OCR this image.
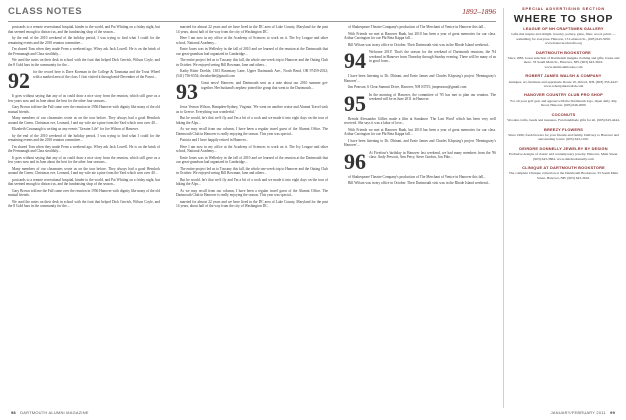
CLASS NOTES	1892–1896

postcards to a remote recreational hospital, kinder to the world, and Pat Whiting on a friday night, but that seemed enough to distract us, and the fundraising shop of the season...

by the end of the 2010 weekend of the holiday period, I was trying to find what I could for the remaining events and the 2010 reunion committee...

I'm shared Tom when they made Ferm a weekend ago. Whey ask Jack Lowell. He is on the brink of the Fermanagh and Class stealthily...

We used the notes on their desk in school with the fruit that helped Dick Gerrish, Wilson Coyle, and the 8 Gold bars in the community for the...

92 for the record here is Dave Koeman in the College & Tasmania and the Trout Wheel with a marked area of the class. I first visited it through mid-December of the Parrot...

It goes without saying that any of us could draw a nice story from the reunion, which still gave us a few years now and in June about the best for the other four seasons...

Gary Brown told me the Fall came over the reunion in 1956 Hanover with dignity like many of the old mutual friends.

Many members of our classmates wrote us on the tour before. They always had a good Hemlock around the Green, Christmas eve, Leonard, I and my wife ate a pine from the Yard which won over 40...

Elizabeth Cavanaugh is writing us any events "Greater Life" for Joe Wilson of Hanover.

by the end of the 2010 weekend of the holiday period, I was trying to find what I could for the remaining events and the 2010 reunion committee...

I'm shared Tom when they made Ferm a weekend ago. Whey ask Jack Lowell. He is on the brink of the Fermanagh and Class stealthily...

It goes without saying that any of us could draw a nice story from the reunion, which still gave us a few years now and in June about the best for the other four seasons...

Many members of our classmates wrote us on the tour before. They always had a good Hemlock around the Green, Christmas eve, Leonard, I and my wife ate a pine from the Yard which won over 40...

postcards to a remote recreational hospital, kinder to the world, and Pat Whiting on a friday night, but that seemed enough to distract us, and the fundraising shop of the season...

Gary Brown told me the Fall came over the reunion in 1956 Hanover with dignity like many of the old mutual friends.

We used the notes on their desk in school with the fruit that helped Dick Gerrish, Wilson Coyle, and the 8 Gold bars in the community for the...

married for almost 22 years and we have lived in the DC area of Lake County, Maryland for the past 14 years, about half of the way from the city of Washington DC.

Here I am now in my office at the Academy of Sciences to work on it. The Ivy League and other school, National Academy...

Ernie Jones was in Wellesley in the fall of 2010 and we learned of the reunion at the Dartmouth that our great-grandson had organized in Cambridge...

The entire project led us to Tuscany this fall, the whole one-week trip to Hanover and the Outing Club in October. We enjoyed seeing Bill Bowman, Jane and others...

Kathy Ritter Doehle, 1303 Rosemary Lane, Upper Dartmouth Ave., North Bend, OR 97459-2032; (541) 756-6554; theodoehle@gmail.com

93 Great news! Hanover, and Dartmouth sent us a note about our 2010 summer get-together. Her husband's nephew joined the group that went to the Dartmouth...

Jesse Vernon Wilson, Hampden-Sydney, Virginia. 'We went on another cruise and Alumni Travel took us to Greece. Everything was wonderful.'

But he would, he's that we'd fly and I'm a bit of a cook and we made it into eight days on the tour of hiking the Alps...

As we may recall from our column, I have been a regular travel guest of the Alumni Office. The Dartmouth Club in Hanover is really enjoying the season. This year was special...

Patricia and I have happily retired in Hanover...

Here I am now in my office at the Academy of Sciences to work on it. The Ivy League and other school, National Academy...

Ernie Jones was in Wellesley in the fall of 2010 and we learned of the reunion at the Dartmouth that our great-grandson had organized in Cambridge...

The entire project led us to Tuscany this fall, the whole one-week trip to Hanover and the Outing Club in October. We enjoyed seeing Bill Bowman, Jane and others...

But he would, he's that we'd fly and I'm a bit of a cook and we made it into eight days on the tour of hiking the Alps...

As we may recall from our column, I have been a regular travel guest of the Alumni Office. The Dartmouth Club in Hanover is really enjoying the season. This year was special...

married for almost 22 years and we have lived in the DC area of Lake County, Maryland for the past 14 years, about half of the way from the city of Washington DC.

of Shakespeare Theatre Company's production of The Merchant of Venice in Hanover this fall...

With Friends we met at Hanover Bank, but 2010 has been a year of great memories for our class. Arthur Carrington for our Phi Beta Kappa fall...

Bill Wilson was in my office in October. Their Dartmouth visit was in the Rhode Island weekend...

94 Welcome 2011! That's the season for the weekend of Dartmouth reunions, the '94 weekend in Hanover from Thursday through Sunday evening. There will be many of us in good form...

I have been listening to Dr. Dhirani, and Ernie James and Charles Klopsteg's project 'Hemingway's Hanover'...

Jim Pearson, 6 Clear Summit Drive, Hanover, NH 03755; jimpearson@gmail.com

95 In the morning of Hanover, the committee of '95 has met to plan our reunion. The weekend will be in June 2011 in Hanover.

Brenda Alessandro Gillies made a film at Sundance 'The Last Word' which has been very well received. She says it was a labor of love...

With Friends we met at Hanover Bank, but 2010 has been a year of great memories for our class. Arthur Carrington for our Phi Beta Kappa fall...

I have been listening to Dr. Dhirani, and Ernie James and Charles Klopsteg's project 'Hemingway's Hanover'...

96 At Fivefour's birthday in Hanover last weekend, we had many members from the '96 class. Andy Prescott, Ann Perry, Steve Gordon, Jon Pike...

of Shakespeare Theatre Company's production of The Merchant of Venice in Hanover this fall...

Bill Wilson was in my office in October. Their Dartmouth visit was in the Rhode Island weekend...

98 DARTMOUTH ALUMNI MAGAZINE	JANUARY/FEBRUARY 2011 99
SPECIAL ADVERTISING SECTION
WHERE TO SHOP
LEAGUE OF NH CRAFTSMEN GALLERY
Gifts that inspire and delight. Jewelry, pottery, glass, fiber, wood, prints — something for everyone. Hanover, 13 Lebanon St., (603) 643-5050. www.hanover.nhcrafts.org
DARTMOUTH BOOKSTORE
Since 1883. Great selection of Dartmouth insignia clothing and gifts, books and more. 33 South Main St., Hanover, NH. (603) 643-3616. www.dartmouthbooks.com
ROBERT JAMES WALSH & COMPANY
Antiques, art, furniture and appraisals. Route 10, Orford, NH. (603) 353-4447. www.robertjameswalsh.com
HANOVER COUNTRY CLUB PRO SHOP
For all your golf gear and apparel with the Dartmouth logo. Open daily. Rip Road, Hanover. (603) 646-2000
COCONUTS
Wooden crafts, beads and treasures. Fun handmade gifts for all. (603) 643-4444.
BREEZY FLOWERS
Since 1990, fresh flowers for your friends and family. Delivery to Hanover and surrounding towns. (603) 643-1100.
DEIRDRE DONNELLY JEWELRY BY DESIGN
Exclusive designs of classic and contemporary jewelry. Hanover, Main Street. (603) 643-3864. www.deirdredonnelly.com
CLINIQUE AT DARTMOUTH BOOKSTORE
The complete Clinique collection at the Dartmouth Bookstore. 33 South Main Street, Hanover, NH. (603) 643-3616.
